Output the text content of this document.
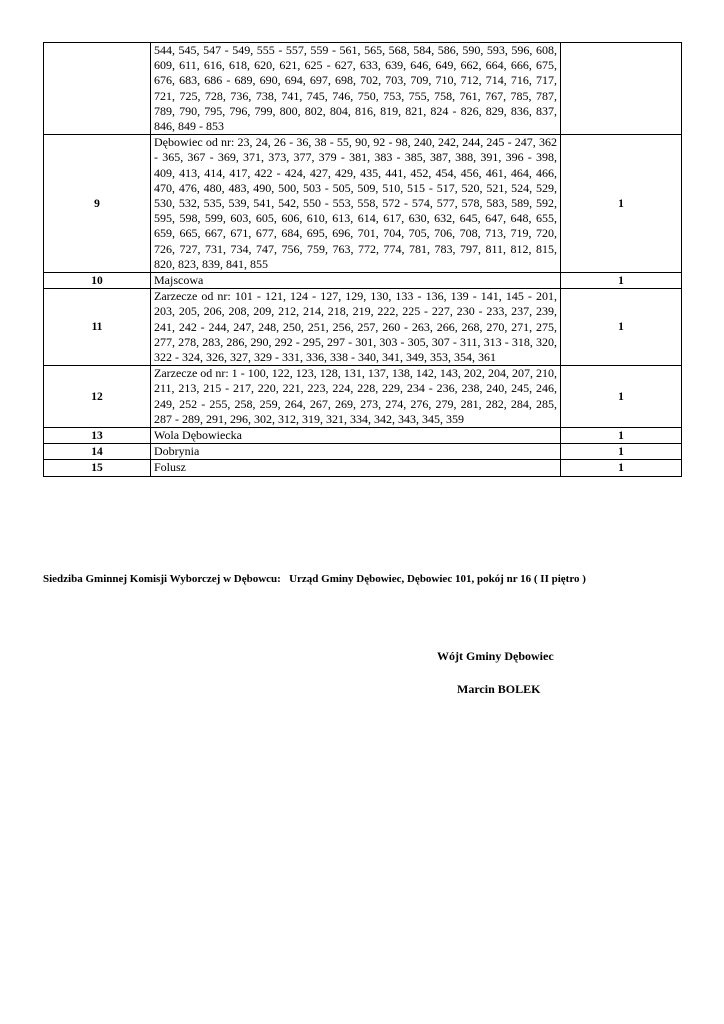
	544, 545, 547 - 549, 555 - 557, 559 - 561, 565, 568, 584, 586, 590, 593, 596, 608, 609, 611, 616, 618, 620, 621, 625 - 627, 633, 639, 646, 649, 662, 664, 666, 675, 676, 683, 686 - 689, 690, 694, 697, 698, 702, 703, 709, 710, 712, 714, 716, 717, 721, 725, 728, 736, 738, 741, 745, 746, 750, 753, 755, 758, 761, 767, 785, 787, 789, 790, 795, 796, 799, 800, 802, 804, 816, 819, 821, 824 - 826, 829, 836, 837, 846, 849 - 853	
9	Dębowiec od nr: 23, 24, 26 - 36, 38 - 55, 90, 92 - 98, 240, 242, 244, 245 - 247, 362 - 365, 367 - 369, 371, 373, 377, 379 - 381, 383 - 385, 387, 388, 391, 396 - 398, 409, 413, 414, 417, 422 - 424, 427, 429, 435, 441, 452, 454, 456, 461, 464, 466, 470, 476, 480, 483, 490, 500, 503 - 505, 509, 510, 515 - 517, 520, 521, 524, 529, 530, 532, 535, 539, 541, 542, 550 - 553, 558, 572 - 574, 577, 578, 583, 589, 592, 595, 598, 599, 603, 605, 606, 610, 613, 614, 617, 630, 632, 645, 647, 648, 655, 659, 665, 667, 671, 677, 684, 695, 696, 701, 704, 705, 706, 708, 713, 719, 720, 726, 727, 731, 734, 747, 756, 759, 763, 772, 774, 781, 783, 797, 811, 812, 815, 820, 823, 839, 841, 855	1
10	Majscowa	1
11	Zarzecze od nr: 101 - 121, 124 - 127, 129, 130, 133 - 136, 139 - 141, 145 - 201, 203, 205, 206, 208, 209, 212, 214, 218, 219, 222, 225 - 227, 230 - 233, 237, 239, 241, 242 - 244, 247, 248, 250, 251, 256, 257, 260 - 263, 266, 268, 270, 271, 275, 277, 278, 283, 286, 290, 292 - 295, 297 - 301, 303 - 305, 307 - 311, 313 - 318, 320, 322 - 324, 326, 327, 329 - 331, 336, 338 - 340, 341, 349, 353, 354, 361	1
12	Zarzecze od nr: 1 - 100, 122, 123, 128, 131, 137, 138, 142, 143, 202, 204, 207, 210, 211, 213, 215 - 217, 220, 221, 223, 224, 228, 229, 234 - 236, 238, 240, 245, 246, 249, 252 - 255, 258, 259, 264, 267, 269, 273, 274, 276, 279, 281, 282, 284, 285, 287 - 289, 291, 296, 302, 312, 319, 321, 334, 342, 343, 345, 359	1
13	Wola Dębowiecka	1
14	Dobrynia	1
15	Folusz	1
Siedziba Gminnej Komisji Wyborczej w Dębowcu: Urząd Gminy Dębowiec, Dębowiec 101, pokój nr 16 ( II piętro )
Wójt Gminy Dębowiec
Marcin BOLEK
